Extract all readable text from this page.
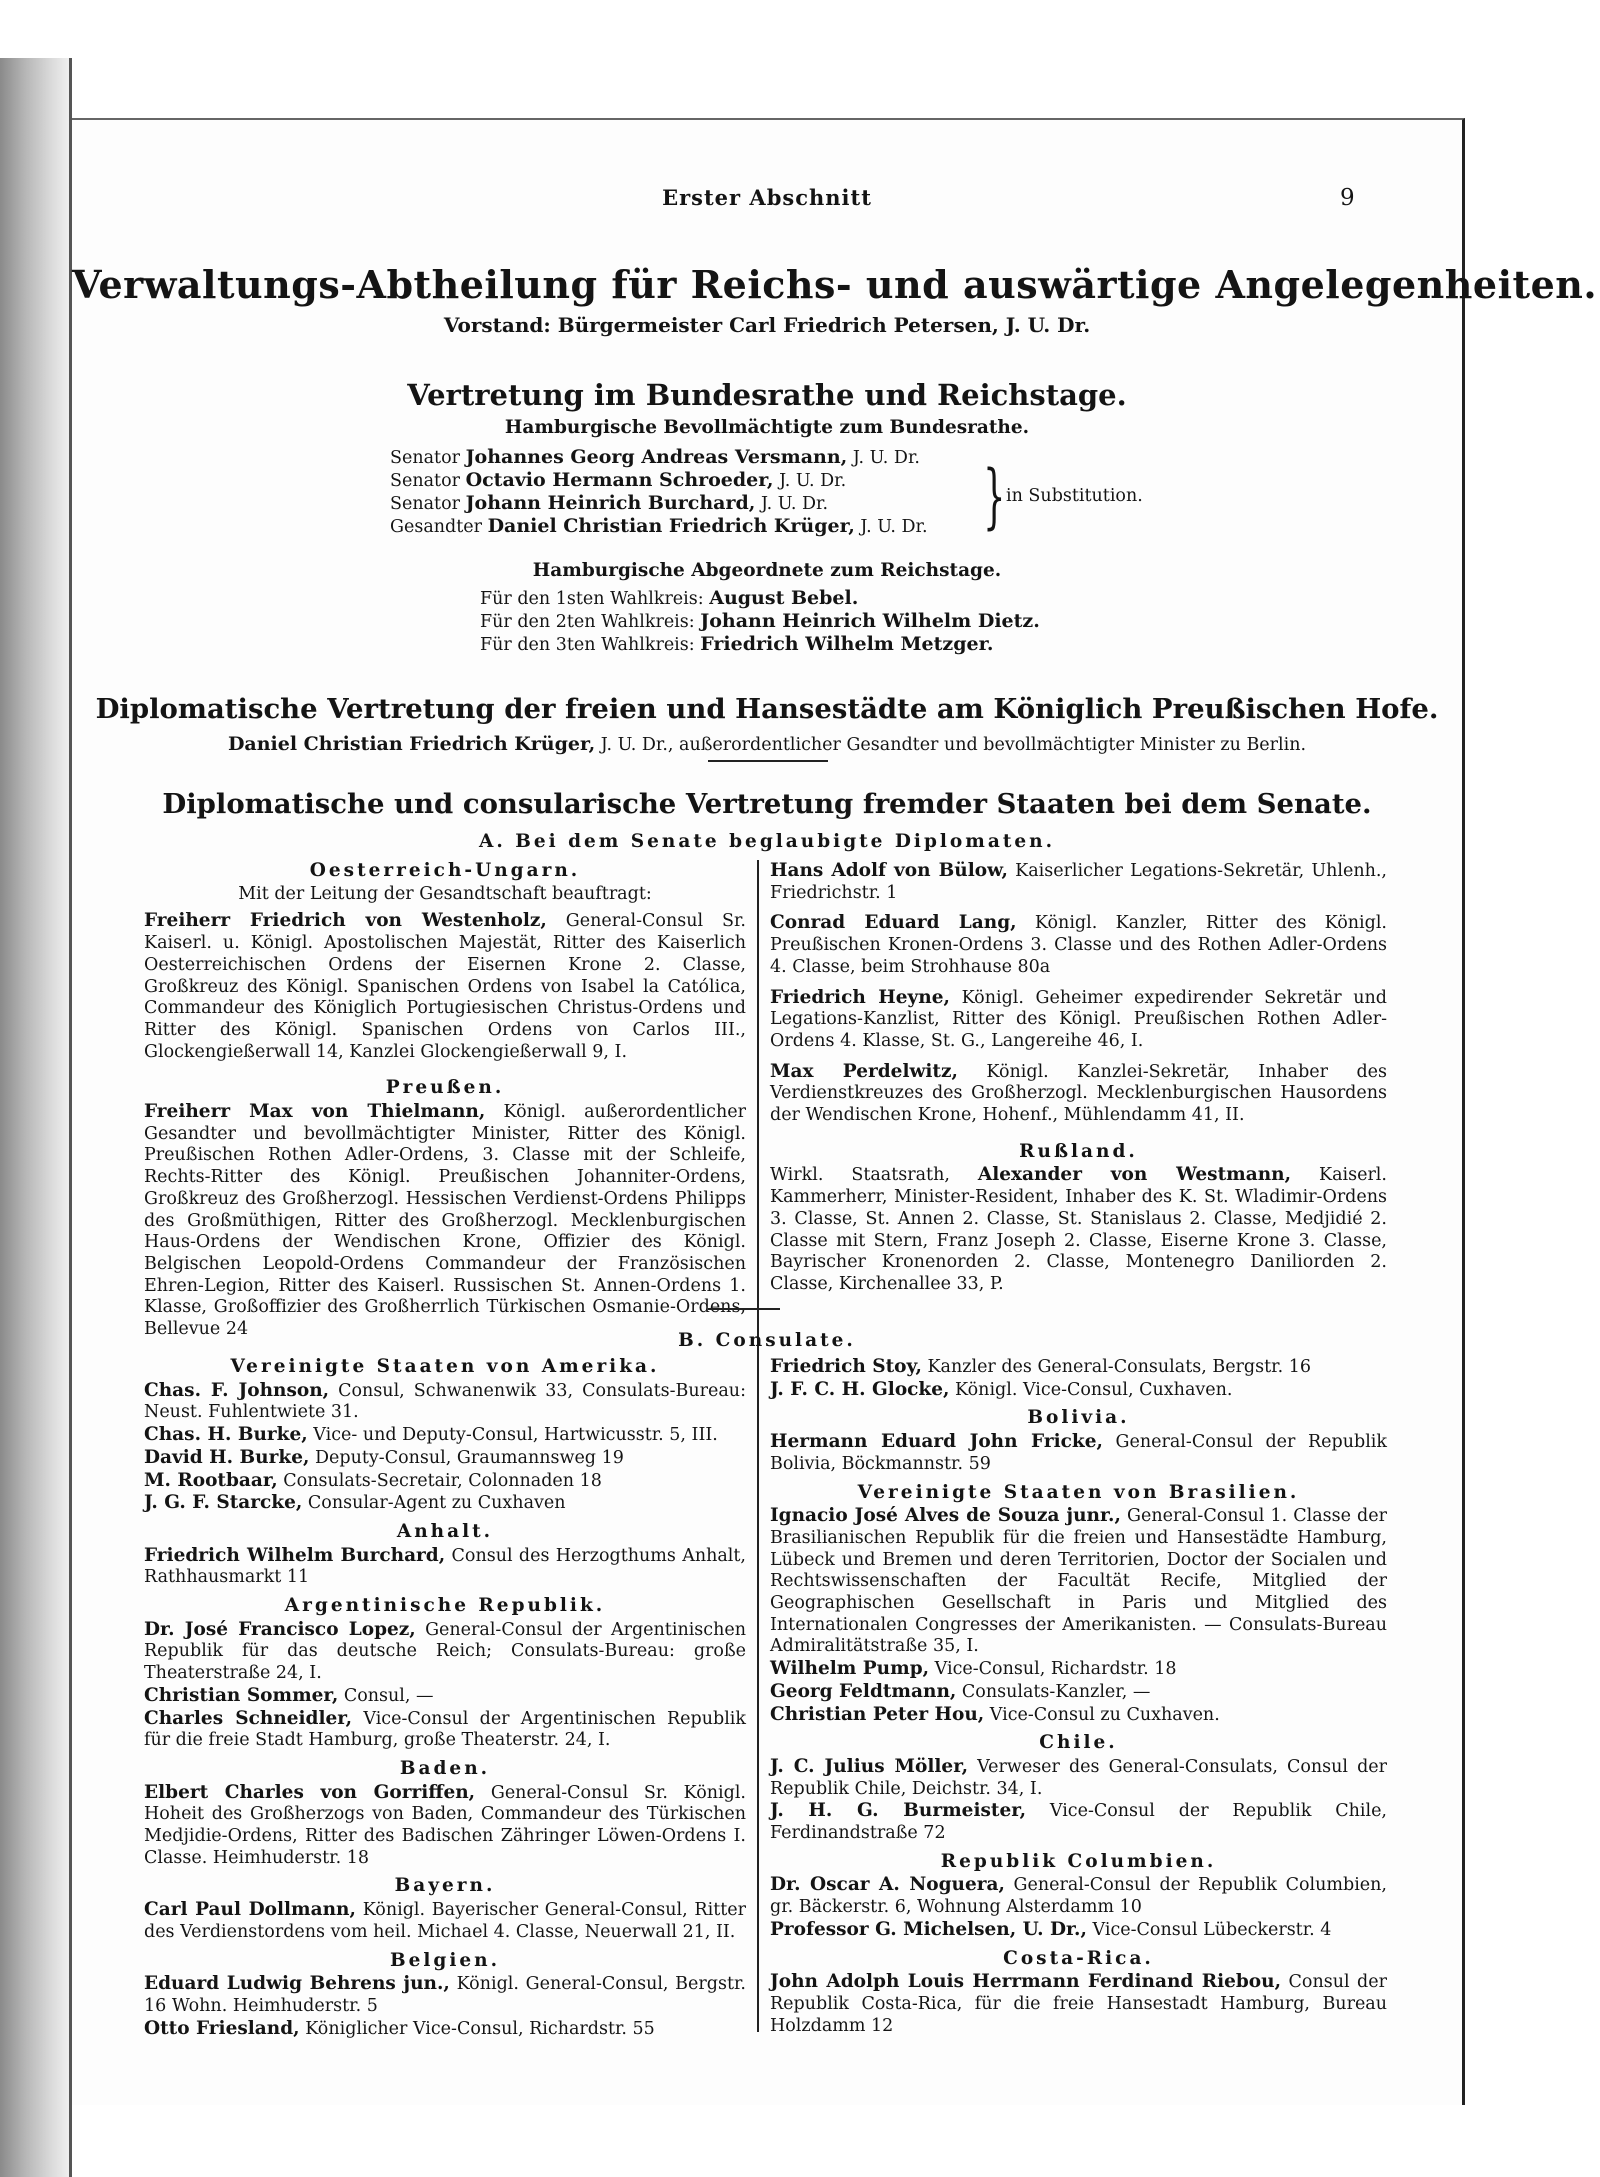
Erster Abschnitt	9
Verwaltungs-Abtheilung für Reichs- und auswärtige Angelegenheiten.
Vorstand: Bürgermeister Carl Friedrich Petersen, J. U. Dr.
Vertretung im Bundesrathe und Reichstage.
Hamburgische Bevollmächtigte zum Bundesrathe.
Senator Johannes Georg Andreas Versmann, J. U. Dr.
Senator Octavio Hermann Schroeder, J. U. Dr.
Senator Johann Heinrich Burchard, J. U. Dr.
Gesandter Daniel Christian Friedrich Krüger, J. U. Dr. } in Substitution.
Hamburgische Abgeordnete zum Reichstage.
Für den 1sten Wahlkreis: August Bebel.
Für den 2ten Wahlkreis: Johann Heinrich Wilhelm Dietz.
Für den 3ten Wahlkreis: Friedrich Wilhelm Metzger.
Diplomatische Vertretung der freien und Hansestädte am Königlich Preußischen Hofe.
Daniel Christian Friedrich Krüger, J. U. Dr., außerordentlicher Gesandter und bevollmächtigter Minister zu Berlin.
Diplomatische und consularische Vertretung fremder Staaten bei dem Senate.
A. Bei dem Senate beglaubigte Diplomaten.
Oesterreich-Ungarn.

Mit der Leitung der Gesandtschaft beauftragt:

Freiherr Friedrich von Westenholz, General-Consul Sr. Kaiserl. u. Königl. Apostolischen Majestät, Ritter des Kaiserlich Oesterreichischen Ordens der Eisernen Krone 2. Classe, Großkreuz des Königl. Spanischen Ordens von Isabel la Católica, Commandeur des Königlich Portugiesischen Christus-Ordens und Ritter des Königl. Spanischen Ordens von Carlos III., Glockengießerwall 14, Kanzlei Glockengießerwall 9, I.

Preußen.

Freiherr Max von Thielmann, Königl. außerordentlicher Gesandter und bevollmächtigter Minister, Ritter des Königl. Preußischen Rothen Adler-Ordens, 3. Classe mit der Schleife, Rechts-Ritter des Königl. Preußischen Johanniter-Ordens, Großkreuz des Großherzogl. Hessischen Verdienst-Ordens Philipps des Großmüthigen, Ritter des Großherzogl. Mecklenburgischen Haus-Ordens der Wendischen Krone, Offizier des Königl. Belgischen Leopold-Ordens Commandeur der Französischen Ehren-Legion, Ritter des Kaiserl. Russischen St. Annen-Ordens 1. Klasse, Großoffizier des Großherrlich Türkischen Osmanie-Ordens, Bellevue 24

Hans Adolf von Bülow, Kaiserlicher Legations-Sekretär, Uhlenh., Friedrichstr. 1

Conrad Eduard Lang, Königl. Kanzler, Ritter des Königl. Preußischen Kronen-Ordens 3. Classe und des Rothen Adler-Ordens 4. Classe, beim Strohhause 80a

Friedrich Heyne, Königl. Geheimer expedirender Sekretär und Legations-Kanzlist, Ritter des Königl. Preußischen Rothen Adler-Ordens 4. Klasse, St. G., Langereihe 46, I.

Max Perdelwitz, Königl. Kanzlei-Sekretär, Inhaber des Verdienstkreuzes des Großherzogl. Mecklenburgischen Hausordens der Wendischen Krone, Hohenf., Mühlendamm 41, II.

Rußland.

Wirkl. Staatsrath, Alexander von Westmann, Kaiserl. Kammerherr, Minister-Resident, Inhaber des K. St. Wladimir-Ordens 3. Classe, St. Annen 2. Classe, St. Stanislaus 2. Classe, Medjidié 2. Classe mit Stern, Franz Joseph 2. Classe, Eiserne Krone 3. Classe, Bayrischer Kronenorden 2. Classe, Montenegro Daniliorden 2. Classe, Kirchenallee 33, P.

B. Consulate.
Vereinigte Staaten von Amerika.

Chas. F. Johnson, Consul, Schwanenwik 33, Consulats-Bureau: Neust. Fuhlentwiete 31.

Chas. H. Burke, Vice- und Deputy-Consul, Hartwicusstr. 5, III.

David H. Burke, Deputy-Consul, Graumannsweg 19

M. Rootbaar, Consulats-Secretair, Colonnaden 18

J. G. F. Starcke, Consular-Agent zu Cuxhaven

Anhalt.

Friedrich Wilhelm Burchard, Consul des Herzogthums Anhalt, Rathhausmarkt 11

Argentinische Republik.

Dr. José Francisco Lopez, General-Consul der Argentinischen Republik für das deutsche Reich; Consulats-Bureau: große Theaterstraße 24, I.

Christian Sommer, Consul, —

Charles Schneidler, Vice-Consul der Argentinischen Republik für die freie Stadt Hamburg, große Theaterstr. 24, I.

Baden.

Elbert Charles von Gorriffen, General-Consul Sr. Königl. Hoheit des Großherzogs von Baden, Commandeur des Türkischen Medjidie-Ordens, Ritter des Badischen Zähringer Löwen-Ordens I. Classe. Heimhuderstr. 18

Bayern.

Carl Paul Dollmann, Königl. Bayerischer General-Consul, Ritter des Verdienstordens vom heil. Michael 4. Classe, Neuerwall 21, II.

Belgien.

Eduard Ludwig Behrens jun., Königl. General-Consul, Bergstr. 16 Wohn. Heimhuderstr. 5

Otto Friesland, Königlicher Vice-Consul, Richardstr. 55

Friedrich Stoy, Kanzler des General-Consulats, Bergstr. 16

J. F. C. H. Glocke, Königl. Vice-Consul, Cuxhaven.

Bolivia.

Hermann Eduard John Fricke, General-Consul der Republik Bolivia, Böckmannstr. 59

Vereinigte Staaten von Brasilien.

Ignacio José Alves de Souza junr., General-Consul 1. Classe der Brasilianischen Republik für die freien und Hansestädte Hamburg, Lübeck und Bremen und deren Territorien, Doctor der Socialen und Rechtswissenschaften der Facultät Recife, Mitglied der Geographischen Gesellschaft in Paris und Mitglied des Internationalen Congresses der Amerikanisten. — Consulats-Bureau Admiralitätstraße 35, I.

Wilhelm Pump, Vice-Consul, Richardstr. 18

Georg Feldtmann, Consulats-Kanzler, —

Christian Peter Hou, Vice-Consul zu Cuxhaven.

Chile.

J. C. Julius Möller, Verweser des General-Consulats, Consul der Republik Chile, Deichstr. 34, I.

J. H. G. Burmeister, Vice-Consul der Republik Chile, Ferdinandstraße 72

Republik Columbien.

Dr. Oscar A. Noguera, General-Consul der Republik Columbien, gr. Bäckerstr. 6, Wohnung Alsterdamm 10

Professor G. Michelsen, U. Dr., Vice-Consul Lübeckerstr. 4

Costa-Rica.

John Adolph Louis Herrmann Ferdinand Riebou, Consul der Republik Costa-Rica, für die freie Hansestadt Hamburg, Bureau Holzdamm 12
